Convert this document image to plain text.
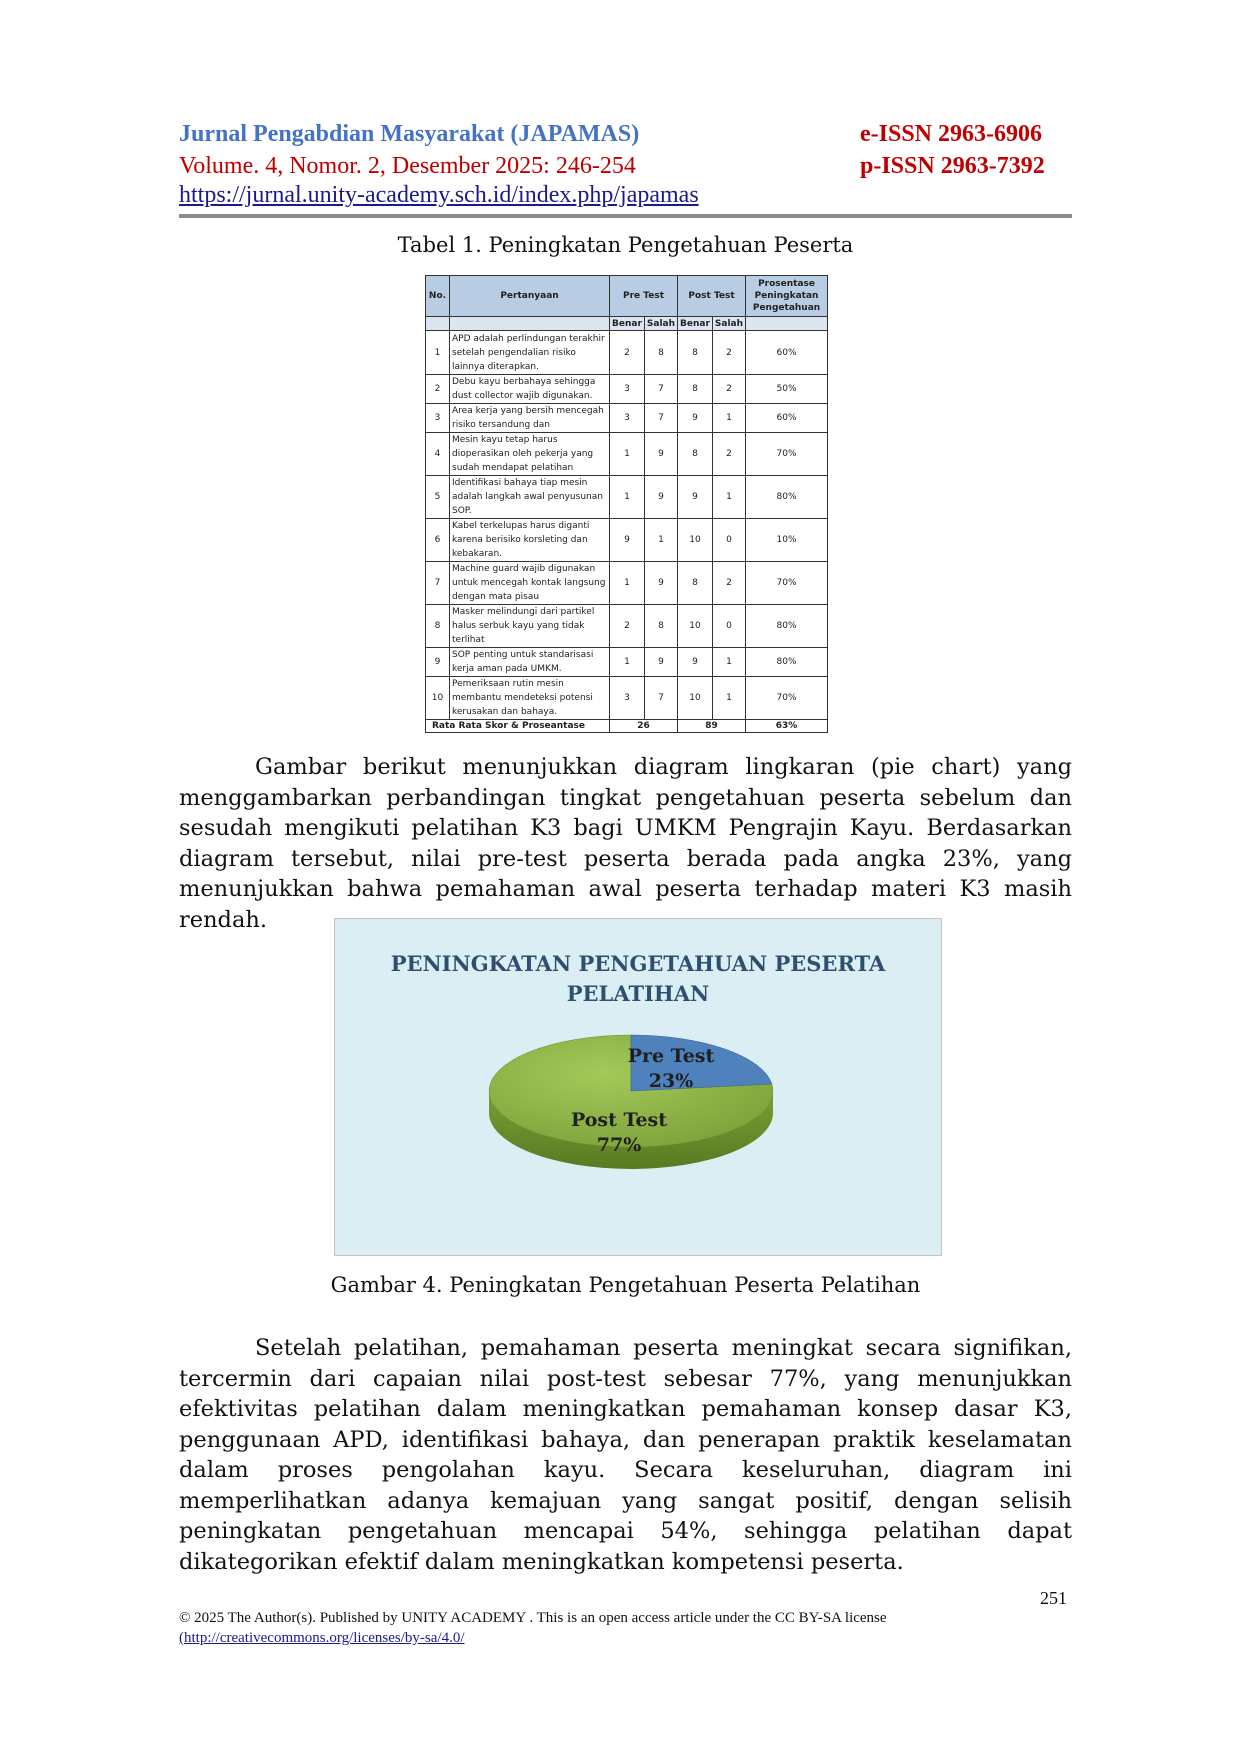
Jurnal Pengabdian Masyarakat (JAPAMAS)
Volume. 4, Nomor. 2, Desember 2025: 246-254
https://jurnal.unity-academy.sch.id/index.php/japamas
e-ISSN 2963-6906
p-ISSN 2963-7392
Tabel 1. Peningkatan Pengetahuan Peserta
No.	Pertanyaan	Pre Test		Post Test		Prosentase Peningkatan Pengetahuan
		Benar	Salah	Benar	Salah	
1	APD adalah perlindungan terakhir setelah pengendalian risiko lainnya diterapkan.	2	8	8	2	60%
2	Debu kayu berbahaya sehingga dust collector wajib digunakan.	3	7	8	2	50%
3	Area kerja yang bersih mencegah risiko tersandung dan	3	7	9	1	60%
4	Mesin kayu tetap harus dioperasikan oleh pekerja yang sudah mendapat pelatihan	1	9	8	2	70%
5	Identifikasi bahaya tiap mesin adalah langkah awal penyusunan SOP.	1	9	9	1	80%
6	Kabel terkelupas harus diganti karena berisiko korsleting dan kebakaran.	9	1	10	0	10%
7	Machine guard wajib digunakan untuk mencegah kontak langsung dengan mata pisau	1	9	8	2	70%
8	Masker melindungi dari partikel halus serbuk kayu yang tidak terlihat	2	8	10	0	80%
9	SOP penting untuk standarisasi kerja aman pada UMKM.	1	9	9	1	80%
10	Pemeriksaan rutin mesin membantu mendeteksi potensi kerusakan dan bahaya.	3	7	10	1	70%
Rata Rata Skor & Proseantase		26		89		63%

Gambar berikut menunjukkan diagram lingkaran (pie chart) yang menggambarkan perbandingan tingkat pengetahuan peserta sebelum dan sesudah mengikuti pelatihan K3 bagi UMKM Pengrajin Kayu. Berdasarkan diagram tersebut, nilai pre-test peserta berada pada angka 23%, yang menunjukkan bahwa pemahaman awal peserta terhadap materi K3 masih rendah.

PENINGKATAN PENGETAHUAN PESERTA PELATIHAN
Pre Test
23%
Post Test
77%
Gambar 4. Peningkatan Pengetahuan Peserta Pelatihan

Setelah pelatihan, pemahaman peserta meningkat secara signifikan, tercermin dari capaian nilai post-test sebesar 77%, yang menunjukkan efektivitas pelatihan dalam meningkatkan pemahaman konsep dasar K3, penggunaan APD, identifikasi bahaya, dan penerapan praktik keselamatan dalam proses pengolahan kayu. Secara keseluruhan, diagram ini memperlihatkan adanya kemajuan yang sangat positif, dengan selisih peningkatan pengetahuan mencapai 54%, sehingga pelatihan dapat dikategorikan efektif dalam meningkatkan kompetensi peserta.

251
© 2025 The Author(s). Published by UNITY ACADEMY . This is an open access article under the CC BY-SA license
(http://creativecommons.org/licenses/by-sa/4.0/
